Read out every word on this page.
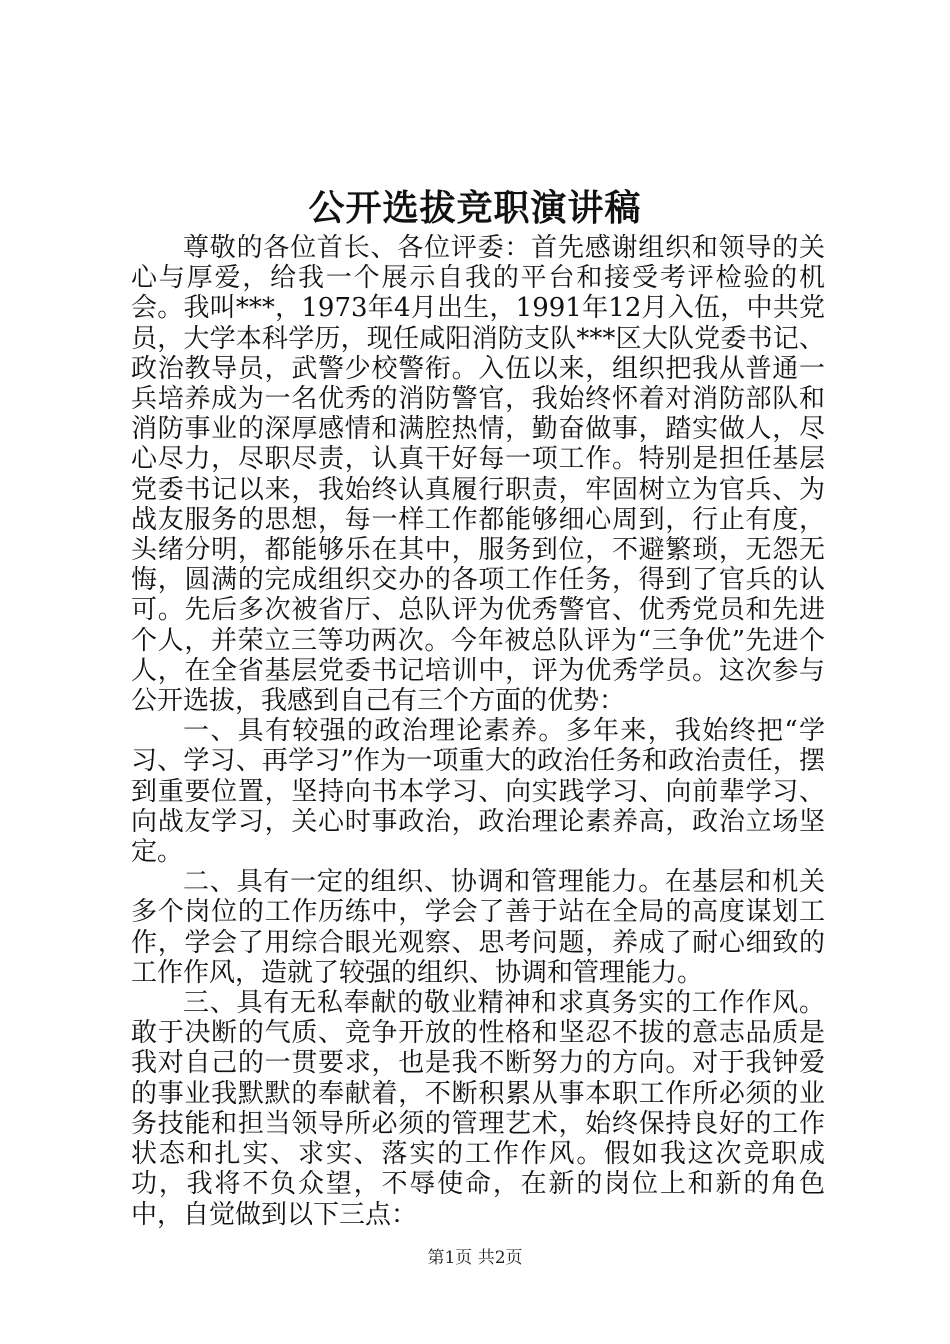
公开选拔竞职演讲稿

尊敬的各位首长、各位评委：首先感谢组织和领导的关心与厚爱，给我一个展示自我的平台和接受考评检验的机会。我叫***，1973年4月出生，1991年12月入伍，中共党员，大学本科学历，现任咸阳消防支队***区大队党委书记、政治教导员，武警少校警衔。入伍以来，组织把我从普通一兵培养成为一名优秀的消防警官，我始终怀着对消防部队和消防事业的深厚感情和满腔热情，勤奋做事，踏实做人，尽心尽力，尽职尽责，认真干好每一项工作。特别是担任基层党委书记以来，我始终认真履行职责，牢固树立为官兵、为战友服务的思想，每一样工作都能够细心周到，行止有度，头绪分明，都能够乐在其中，服务到位，不避繁琐，无怨无悔，圆满的完成组织交办的各项工作任务，得到了官兵的认可。先后多次被省厅、总队评为优秀警官、优秀党员和先进个人，并荣立三等功两次。今年被总队评为“三争优”先进个人，在全省基层党委书记培训中，评为优秀学员。这次参与公开选拔，我感到自己有三个方面的优势：

一、具有较强的政治理论素养。多年来，我始终把“学习、学习、再学习”作为一项重大的政治任务和政治责任，摆到重要位置，坚持向书本学习、向实践学习、向前辈学习、向战友学习，关心时事政治，政治理论素养高，政治立场坚定。

二、具有一定的组织、协调和管理能力。在基层和机关多个岗位的工作历练中，学会了善于站在全局的高度谋划工作，学会了用综合眼光观察、思考问题，养成了耐心细致的工作作风，造就了较强的组织、协调和管理能力。

三、具有无私奉献的敬业精神和求真务实的工作作风。敢于决断的气质、竞争开放的性格和坚忍不拔的意志品质是我对自己的一贯要求，也是我不断努力的方向。对于我钟爱的事业我默默的奉献着，不断积累从事本职工作所必须的业务技能和担当领导所必须的管理艺术，始终保持良好的工作状态和扎实、求实、落实的工作作风。假如我这次竞职成功，我将不负众望，不辱使命，在新的岗位上和新的角色中，自觉做到以下三点：

第1页 共2页
